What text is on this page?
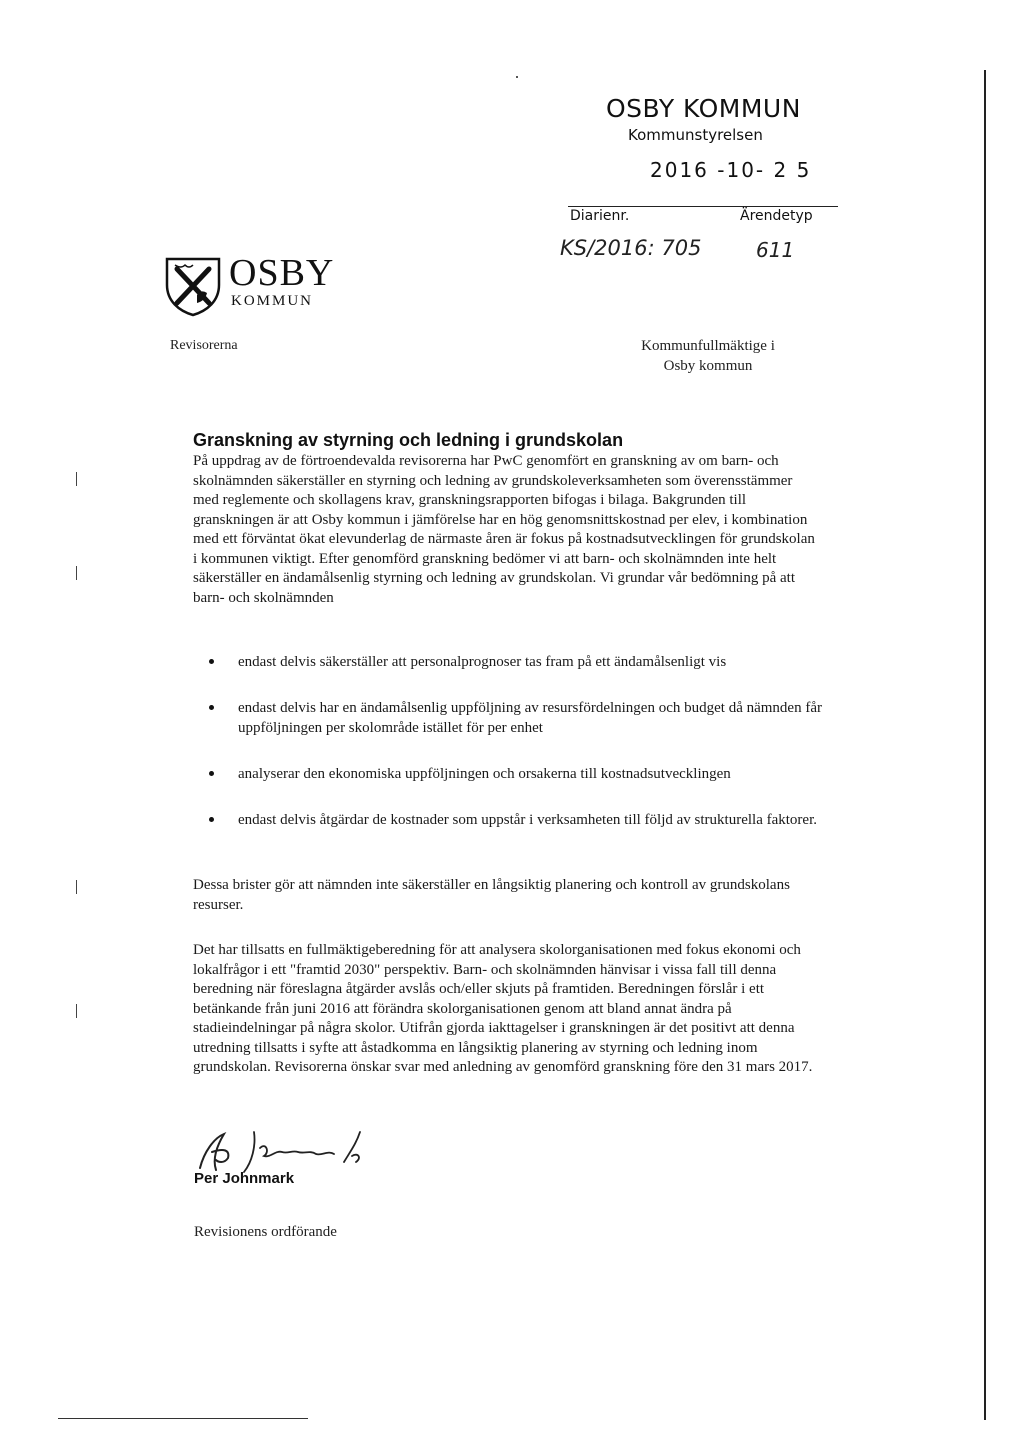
OSBY KOMMUN
Kommunstyrelsen
2016 -10- 2 5
Diarienr.	Ärendetyp
KS/2016: 705	611
OSBY
KOMMUN
Revisorerna	Kommunfullmäktige i
Osby kommun
Granskning av styrning och ledning i grundskolan
På uppdrag av de förtroendevalda revisorerna har PwC genomfört en granskning av om barn- och skolnämnden säkerställer en styrning och ledning av grundskoleverksamheten som överensstämmer med reglemente och skollagens krav, granskningsrapporten bifogas i bilaga. Bakgrunden till granskningen är att Osby kommun i jämförelse har en hög genomsnittskostnad per elev, i kombination med ett förväntat ökat elevunderlag de närmaste åren är fokus på kostnadsutvecklingen för grundskolan i kommunen viktigt. Efter genomförd granskning bedömer vi att barn- och skolnämnden inte helt säkerställer en ändamålsenlig styrning och ledning av grundskolan. Vi grundar vår bedömning på att barn- och skolnämnden
endast delvis säkerställer att personalprognoser tas fram på ett ändamålsenligt vis
endast delvis har en ändamålsenlig uppföljning av resursfördelningen och budget då nämnden får uppföljningen per skolområde istället för per enhet
analyserar den ekonomiska uppföljningen och orsakerna till kostnadsutvecklingen
endast delvis åtgärdar de kostnader som uppstår i verksamheten till följd av strukturella faktorer.
Dessa brister gör att nämnden inte säkerställer en långsiktig planering och kontroll av grundskolans resurser.
Det har tillsatts en fullmäktigeberedning för att analysera skolorganisationen med fokus ekonomi och lokalfrågor i ett "framtid 2030" perspektiv. Barn- och skolnämnden hänvisar i vissa fall till denna beredning när föreslagna åtgärder avslås och/eller skjuts på framtiden. Beredningen förslår i ett betänkande från juni 2016 att förändra skolorganisationen genom att bland annat ändra på stadieindelningar på några skolor. Utifrån gjorda iakttagelser i granskningen är det positivt att denna utredning tillsatts i syfte att åstadkomma en långsiktig planering av styrning och ledning inom grundskolan. Revisorerna önskar svar med anledning av genomförd granskning före den 31 mars 2017.
Per Johnmark
Revisionens ordförande
